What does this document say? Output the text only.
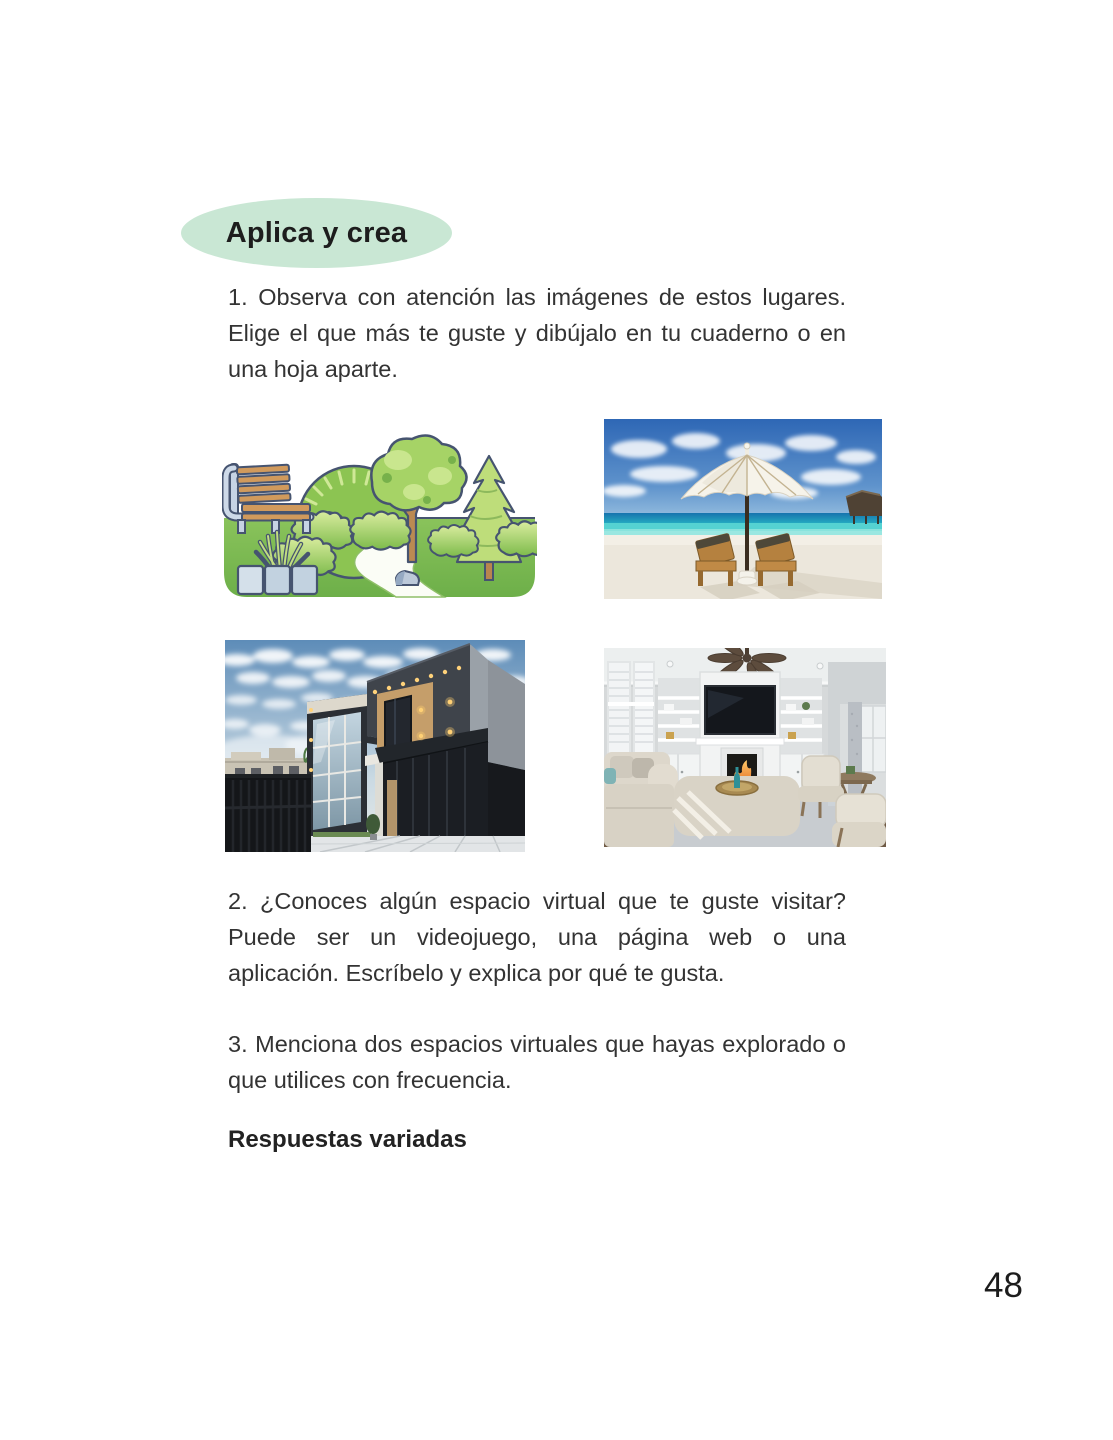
Aplica y crea

1. Observa con atención las imágenes de estos lugares. Elige el que más te guste y dibújalo en tu cuaderno o en una hoja aparte.

2. ¿Conoces algún espacio virtual que te guste visitar? Puede ser un videojuego, una página web o una aplicación. Escríbelo y explica por qué te gusta.

3. Menciona dos espacios virtuales que hayas explorado o que utilices con frecuencia.

Respuestas variadas

48
